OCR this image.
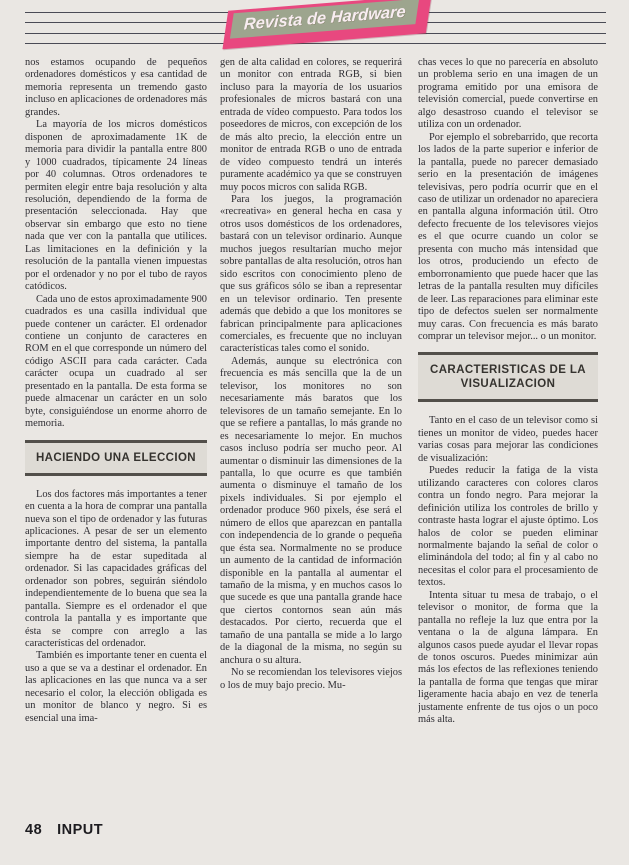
Revista de Hardware

nos estamos ocupando de pequeños ordenadores domésticos y esa cantidad de memoria representa un tremendo gasto incluso en aplicaciones de ordenadores más grandes.

La mayoría de los micros domésticos disponen de aproximadamente 1K de memoria para dividir la pantalla entre 800 y 1000 cuadrados, típicamente 24 líneas por 40 columnas. Otros ordenadores te permiten elegir entre baja resolución y alta resolución, dependiendo de la forma de presentación seleccionada. Hay que observar sin embargo que esto no tiene nada que ver con la pantalla que utilices. Las limitaciones en la definición y la resolución de la pantalla vienen impuestas por el ordenador y no por el tubo de rayos catódicos.

Cada uno de estos aproximadamente 900 cuadrados es una casilla individual que puede contener un carácter. El ordenador contiene un conjunto de caracteres en ROM en el que corresponde un número del código ASCII para cada carácter. Cada carácter ocupa un cuadrado al ser presentado en la pantalla. De esta forma se puede almacenar un carácter en un solo byte, consiguiéndose un enorme ahorro de memoria.

HACIENDO UNA ELECCION

Los dos factores más importantes a tener en cuenta a la hora de comprar una pantalla nueva son el tipo de ordenador y las futuras aplicaciones. A pesar de ser un elemento importante dentro del sistema, la pantalla siempre ha de estar supeditada al ordenador. Si las capacidades gráficas del ordenador son pobres, seguirán siéndolo independientemente de lo buena que sea la pantalla. Siempre es el ordenador el que controla la pantalla y es importante que ésta se compre con arreglo a las características del ordenador.

También es importante tener en cuenta el uso a que se va a destinar el ordenador. En las aplicaciones en las que nunca va a ser necesario el color, la elección obligada es un monitor de blanco y negro. Si es esencial una ima-

gen de alta calidad en colores, se requerirá un monitor con entrada RGB, si bien incluso para la mayoría de los usuarios profesionales de micros bastará con una entrada de vídeo compuesto. Para todos los poseedores de micros, con excepción de los de más alto precio, la elección entre un monitor de entrada RGB o uno de entrada de vídeo compuesto tendrá un interés puramente académico ya que se construyen muy pocos micros con salida RGB.

Para los juegos, la programación «recreativa» en general hecha en casa y otros usos domésticos de los ordenadores, bastará con un televisor ordinario. Aunque muchos juegos resultarían mucho mejor sobre pantallas de alta resolución, otros han sido escritos con conocimiento pleno de que sus gráficos sólo se iban a representar en un televisor ordinario. Ten presente además que debido a que los monitores se fabrican principalmente para aplicaciones comerciales, es frecuente que no incluyan características tales como el sonido.

Además, aunque su electrónica con frecuencia es más sencilla que la de un televisor, los monitores no son necesariamente más baratos que los televisores de un tamaño semejante. En lo que se refiere a pantallas, lo más grande no es necesariamente lo mejor. En muchos casos incluso podría ser mucho peor. Al aumentar o disminuir las dimensiones de la pantalla, lo que ocurre es que también aumenta o disminuye el tamaño de los pixels individuales. Si por ejemplo el ordenador produce 960 pixels, ése será el número de ellos que aparezcan en pantalla con independencia de lo grande o pequeña que ésta sea. Normalmente no se produce un aumento de la cantidad de información disponible en la pantalla al aumentar el tamaño de la misma, y en muchos casos lo que sucede es que una pantalla grande hace que ciertos contornos sean aún más destacados. Por cierto, recuerda que el tamaño de una pantalla se mide a lo largo de la diagonal de la misma, no según su anchura o su altura.

No se recomiendan los televisores viejos o los de muy bajo precio. Mu-

chas veces lo que no parecería en absoluto un problema serio en una imagen de un programa emitido por una emisora de televisión comercial, puede convertirse en algo desastroso cuando el televisor se utiliza con un ordenador.

Por ejemplo el sobrebarrido, que recorta los lados de la parte superior e inferior de la pantalla, puede no parecer demasiado serio en la presentación de imágenes televisivas, pero podría ocurrir que en el caso de utilizar un ordenador no apareciera en pantalla alguna información útil. Otro defecto frecuente de los televisores viejos es el que ocurre cuando un color se presenta con mucho más intensidad que los otros, produciendo un efecto de emborronamiento que puede hacer que las letras de la pantalla resulten muy difíciles de leer. Las reparaciones para eliminar este tipo de defectos suelen ser normalmente muy caras. Con frecuencia es más barato comprar un televisor mejor... o un monitor.

CARACTERISTICAS DE LA VISUALIZACION

Tanto en el caso de un televisor como si tienes un monitor de video, puedes hacer varias cosas para mejorar las condiciones de visualización:

Puedes reducir la fatiga de la vista utilizando caracteres con colores claros contra un fondo negro. Para mejorar la definición utiliza los controles de brillo y contraste hasta lograr el ajuste óptimo. Los halos de color se pueden eliminar normalmente bajando la señal de color o eliminándola del todo; al fin y al cabo no necesitas el color para el procesamiento de textos.

Intenta situar tu mesa de trabajo, o el televisor o monitor, de forma que la pantalla no refleje la luz que entra por la ventana o la de alguna lámpara. En algunos casos puede ayudar el llevar ropas de tonos oscuros. Puedes minimizar aún más los efectos de las reflexiones teniendo la pantalla de forma que tengas que mirar ligeramente hacia abajo en vez de tenerla justamente enfrente de tus ojos o un poco más alta.

48 INPUT
